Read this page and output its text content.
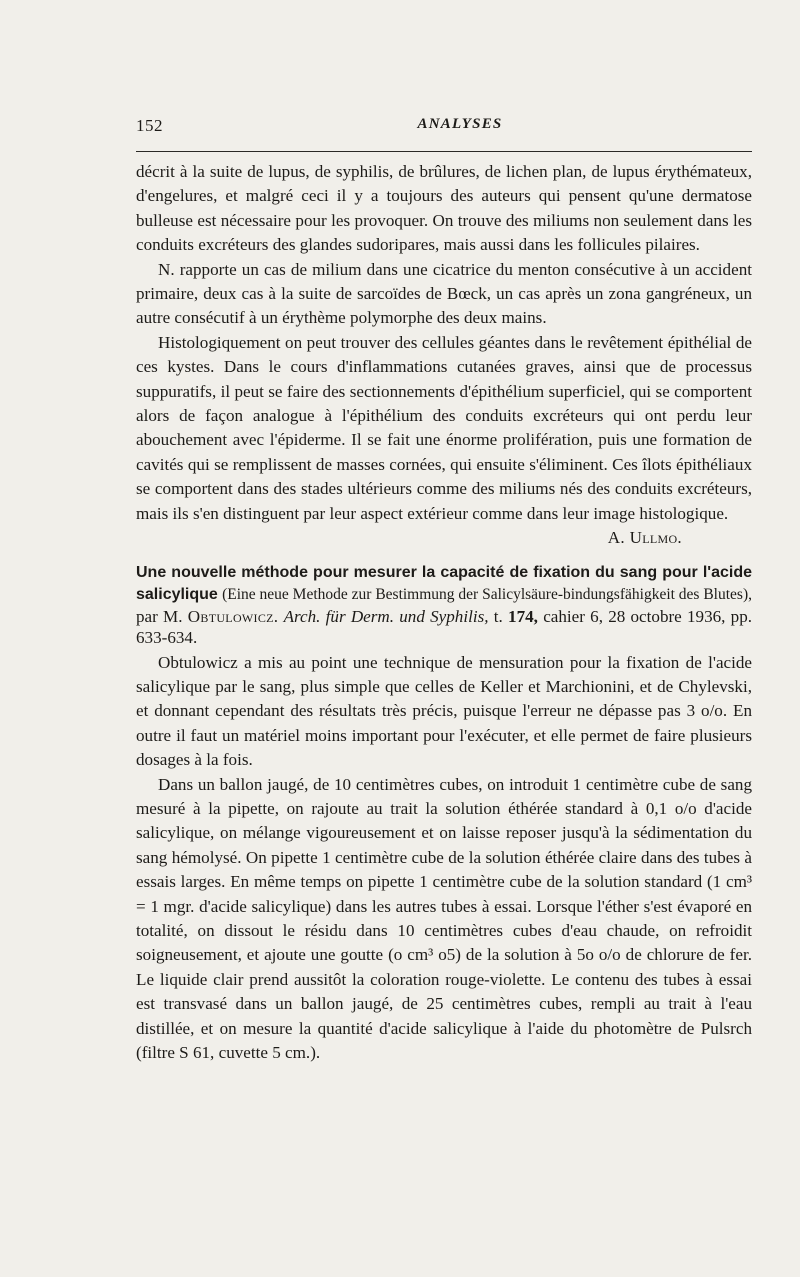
152	ANALYSES

décrit à la suite de lupus, de syphilis, de brûlures, de lichen plan, de lupus érythémateux, d'engelures, et malgré ceci il y a toujours des auteurs qui pensent qu'une dermatose bulleuse est nécessaire pour les provoquer. On trouve des miliums non seulement dans les conduits excréteurs des glandes sudoripares, mais aussi dans les follicules pilaires.

N. rapporte un cas de milium dans une cicatrice du menton consécutive à un accident primaire, deux cas à la suite de sarcoïdes de Bœck, un cas après un zona gangréneux, un autre consécutif à un érythème polymorphe des deux mains.

Histologiquement on peut trouver des cellules géantes dans le revêtement épithélial de ces kystes. Dans le cours d'inflammations cutanées graves, ainsi que de processus suppuratifs, il peut se faire des sectionnements d'épithélium superficiel, qui se comportent alors de façon analogue à l'épithélium des conduits excréteurs qui ont perdu leur abouchement avec l'épiderme. Il se fait une énorme prolifération, puis une formation de cavités qui se remplissent de masses cornées, qui ensuite s'éliminent. Ces îlots épithéliaux se comportent dans des stades ultérieurs comme des miliums nés des conduits excréteurs, mais ils s'en distinguent par leur aspect extérieur comme dans leur image histologique.

A. Ullmo.

Une nouvelle méthode pour mesurer la capacité de fixation du sang pour l'acide salicylique (Eine neue Methode zur Bestimmung der Salicylsäure-bindungsfähigkeit des Blutes), par M. Obtulowicz. Arch. für Derm. und Syphilis, t. 174, cahier 6, 28 octobre 1936, pp. 633-634.

Obtulowicz a mis au point une technique de mensuration pour la fixation de l'acide salicylique par le sang, plus simple que celles de Keller et Marchionini, et de Chylevski, et donnant cependant des résultats très précis, puisque l'erreur ne dépasse pas 3 o/o. En outre il faut un matériel moins important pour l'exécuter, et elle permet de faire plusieurs dosages à la fois.

Dans un ballon jaugé, de 10 centimètres cubes, on introduit 1 centimètre cube de sang mesuré à la pipette, on rajoute au trait la solution éthérée standard à 0,1 o/o d'acide salicylique, on mélange vigoureusement et on laisse reposer jusqu'à la sédimentation du sang hémolysé. On pipette 1 centimètre cube de la solution éthérée claire dans des tubes à essais larges. En même temps on pipette 1 centimètre cube de la solution standard (1 cm³ = 1 mgr. d'acide salicylique) dans les autres tubes à essai. Lorsque l'éther s'est évaporé en totalité, on dissout le résidu dans 10 centimètres cubes d'eau chaude, on refroidit soigneusement, et ajoute une goutte (o cm³ o5) de la solution à 5o o/o de chlorure de fer. Le liquide clair prend aussitôt la coloration rouge-violette. Le contenu des tubes à essai est transvasé dans un ballon jaugé, de 25 centimètres cubes, rempli au trait à l'eau distillée, et on mesure la quantité d'acide salicylique à l'aide du photomètre de Pulsrch (filtre S 61, cuvette 5 cm.).
